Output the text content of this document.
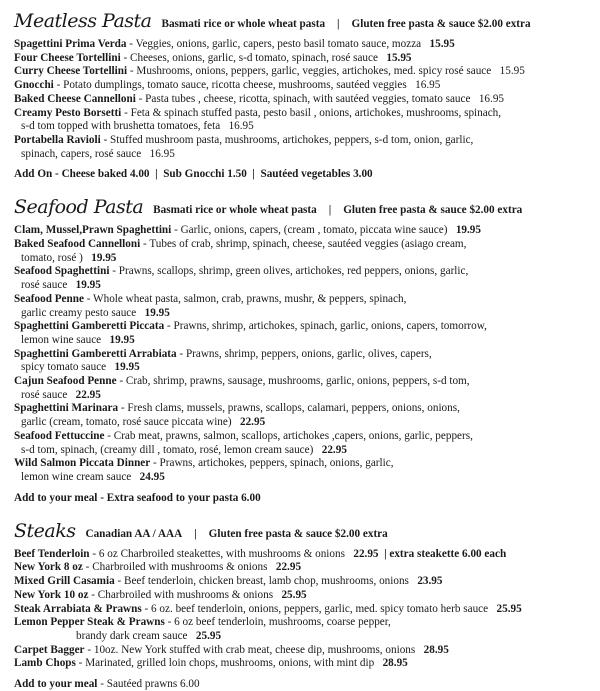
Meatless Pasta Basmati rice or whole wheat pasta | Gluten free pasta & sauce $2.00 extra
Spagettini Prima Verda - Veggies, onions, garlic, capers, pesto basil tomato sauce, mozza 15.95
Four Cheese Tortellini - Cheeses, onions, garlic, s-d tomato, spinach, rosé sauce 15.95
Curry Cheese Tortellini - Mushrooms, onions, peppers, garlic, veggies, artichokes, med. spicy rosé sauce 15.95
Gnocchi - Potato dumplings, tomato sauce, ricotta cheese, mushrooms, sautéed veggies 16.95
Baked Cheese Cannelloni - Pasta tubes , cheese, ricotta, spinach, with sautéed veggies, tomato sauce 16.95
Creamy Pesto Borsetti - Feta & spinach stuffed pasta, pesto basil , onions, artichokes, mushrooms, spinach,
s-d tom topped with brushetta tomatoes, feta 16.95
Portabella Ravioli - Stuffed mushroom pasta, mushrooms, artichokes, peppers, s-d tom, onion, garlic,
spinach, capers, rosé sauce 16.95
Add On - Cheese baked 4.00  |  Sub Gnocchi 1.50  |  Sautéed vegetables 3.00
Seafood Pasta Basmati rice or whole wheat pasta | Gluten free pasta & sauce $2.00 extra
Clam, Mussel,Prawn Spaghettini - Garlic, onions, capers, (cream , tomato, piccata wine sauce) 19.95
Baked Seafood Cannelloni - Tubes of crab, shrimp, spinach, cheese, sautéed veggies (asiago cream,
tomato, rosé ) 19.95
Seafood Spaghettini - Prawns, scallops, shrimp, green olives, artichokes, red peppers, onions, garlic,
rosé sauce 19.95
Seafood Penne - Whole wheat pasta, salmon, crab, prawns, mushr, & peppers, spinach,
garlic creamy pesto sauce 19.95
Spaghettini Gamberetti Piccata - Prawns, shrimp, artichokes, spinach, garlic, onions, capers, tomorrow,
lemon wine sauce 19.95
Spaghettini Gamberetti Arrabiata - Prawns, shrimp, peppers, onions, garlic, olives, capers,
spicy tomato sauce 19.95
Cajun Seafood Penne - Crab, shrimp, prawns, sausage, mushrooms, garlic, onions, peppers, s-d tom,
rosé sauce 22.95
Spaghettini Marinara - Fresh clams, mussels, prawns, scallops, calamari, peppers, onions, onions,
garlic (cream, tomato, rosé sauce piccata wine) 22.95
Seafood Fettuccine - Crab meat, prawns, salmon, scallops, artichokes ,capers, onions, garlic, peppers,
s-d tom, spinach, (creamy dill , tomato, rosé, lemon cream sauce) 22.95
Wild Salmon Piccata Dinner - Prawns, artichokes, peppers, spinach, onions, garlic,
lemon wine cream sauce 24.95
Add to your meal - Extra seafood to your pasta 6.00
Steaks Canadian AA / AAA | Gluten free pasta & sauce $2.00 extra
Beef Tenderloin - 6 oz Charbroiled steakettes, with mushrooms & onions 22.95 | extra steakette 6.00 each
New York 8 oz - Charbroiled with mushrooms & onions 22.95
Mixed Grill Casamia - Beef tenderloin, chicken breast, lamb chop, mushrooms, onions 23.95
New York 10 oz - Charbroiled with mushrooms & onions 25.95
Steak Arrabiata & Prawns - 6 oz. beef tenderloin, onions, peppers, garlic, med. spicy tomato herb sauce 25.95
Lemon Pepper Steak & Prawns - 6 oz beef tenderloin, mushrooms, coarse pepper,
brandy dark cream sauce 25.95
Carpet Bagger - 10oz. New York stuffed with crab meat, cheese dip, mushrooms, onions 28.95
Lamb Chops - Marinated, grilled loin chops, mushrooms, onions, with mint dip 28.95
Add to your meal - Sautéed prawns 6.00
